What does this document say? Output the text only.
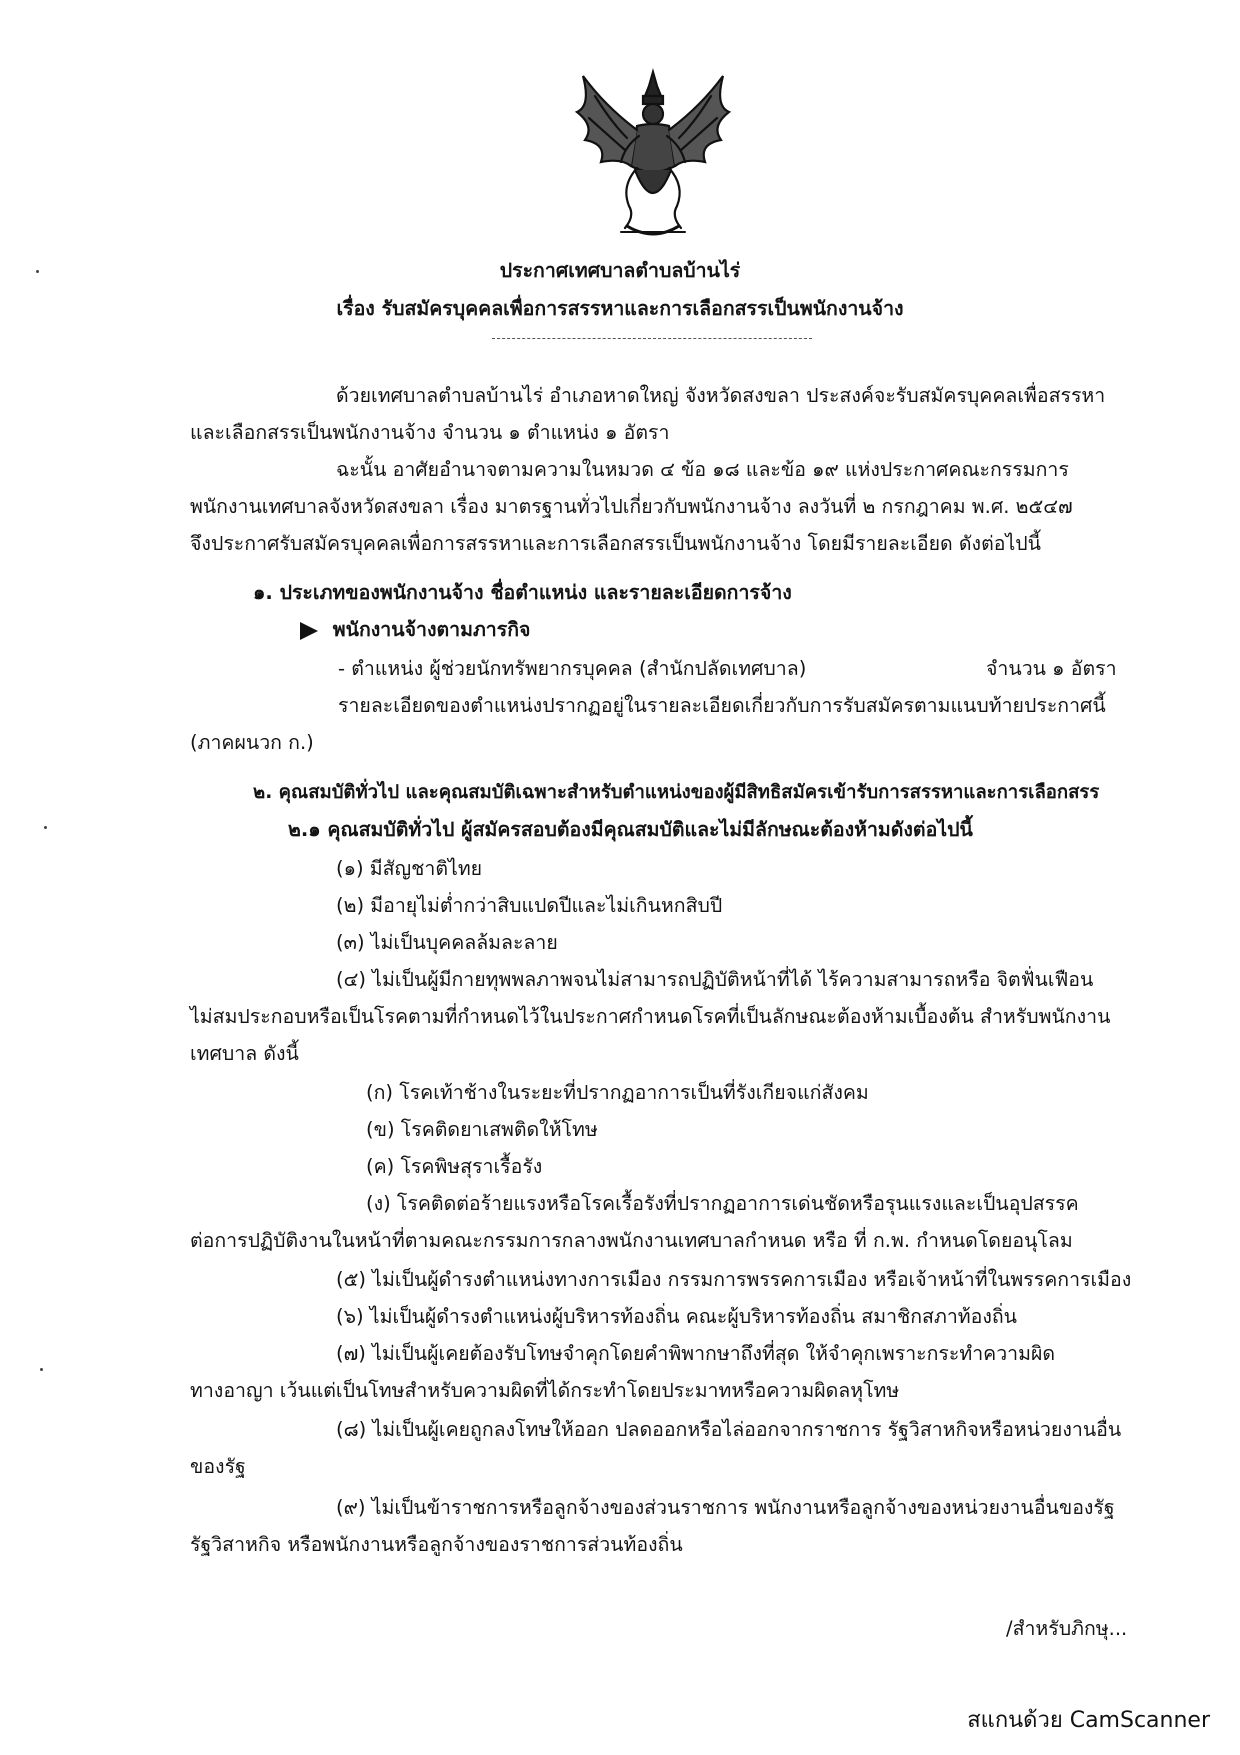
ประกาศเทศบาลตำบลบ้านไร่
เรื่อง รับสมัครบุคคลเพื่อการสรรหาและการเลือกสรรเป็นพนักงานจ้าง
ด้วยเทศบาลตำบลบ้านไร่ อำเภอหาดใหญ่ จังหวัดสงขลา ประสงค์จะรับสมัครบุคคลเพื่อสรรหา
และเลือกสรรเป็นพนักงานจ้าง จำนวน ๑ ตำแหน่ง ๑ อัตรา
ฉะนั้น อาศัยอำนาจตามความในหมวด ๔ ข้อ ๑๘ และข้อ ๑๙ แห่งประกาศคณะกรรมการ
พนักงานเทศบาลจังหวัดสงขลา เรื่อง มาตรฐานทั่วไปเกี่ยวกับพนักงานจ้าง ลงวันที่ ๒ กรกฎาคม พ.ศ. ๒๕๔๗
จึงประกาศรับสมัครบุคคลเพื่อการสรรหาและการเลือกสรรเป็นพนักงานจ้าง โดยมีรายละเอียด ดังต่อไปนี้
๑. ประเภทของพนักงานจ้าง ชื่อตำแหน่ง และรายละเอียดการจ้าง
พนักงานจ้างตามภารกิจ
- ตำแหน่ง ผู้ช่วยนักทรัพยากรบุคคล (สำนักปลัดเทศบาล)	จำนวน ๑ อัตรา
รายละเอียดของตำแหน่งปรากฏอยู่ในรายละเอียดเกี่ยวกับการรับสมัครตามแนบท้ายประกาศนี้
(ภาคผนวก ก.)
๒. คุณสมบัติทั่วไป และคุณสมบัติเฉพาะสำหรับตำแหน่งของผู้มีสิทธิสมัครเข้ารับการสรรหาและการเลือกสรร
๒.๑ คุณสมบัติทั่วไป ผู้สมัครสอบต้องมีคุณสมบัติและไม่มีลักษณะต้องห้ามดังต่อไปนี้
(๑) มีสัญชาติไทย
(๒) มีอายุไม่ต่ำกว่าสิบแปดปีและไม่เกินหกสิบปี
(๓) ไม่เป็นบุคคลล้มละลาย
(๔) ไม่เป็นผู้มีกายทุพพลภาพจนไม่สามารถปฏิบัติหน้าที่ได้ ไร้ความสามารถหรือ จิตฟั่นเฟือน
ไม่สมประกอบหรือเป็นโรคตามที่กำหนดไว้ในประกาศกำหนดโรคที่เป็นลักษณะต้องห้ามเบื้องต้น สำหรับพนักงาน
เทศบาล ดังนี้
(ก) โรคเท้าช้างในระยะที่ปรากฏอาการเป็นที่รังเกียจแก่สังคม
(ข) โรคติดยาเสพติดให้โทษ
(ค) โรคพิษสุราเรื้อรัง
(ง) โรคติดต่อร้ายแรงหรือโรคเรื้อรังที่ปรากฏอาการเด่นชัดหรือรุนแรงและเป็นอุปสรรค
ต่อการปฏิบัติงานในหน้าที่ตามคณะกรรมการกลางพนักงานเทศบาลกำหนด หรือ ที่ ก.พ. กำหนดโดยอนุโลม
(๕) ไม่เป็นผู้ดำรงตำแหน่งทางการเมือง กรรมการพรรคการเมือง หรือเจ้าหน้าที่ในพรรคการเมือง
(๖) ไม่เป็นผู้ดำรงตำแหน่งผู้บริหารท้องถิ่น คณะผู้บริหารท้องถิ่น สมาชิกสภาท้องถิ่น
(๗) ไม่เป็นผู้เคยต้องรับโทษจำคุกโดยคำพิพากษาถึงที่สุด ให้จำคุกเพราะกระทำความผิด
ทางอาญา เว้นแต่เป็นโทษสำหรับความผิดที่ได้กระทำโดยประมาทหรือความผิดลหุโทษ
(๘) ไม่เป็นผู้เคยถูกลงโทษให้ออก ปลดออกหรือไล่ออกจากราชการ รัฐวิสาหกิจหรือหน่วยงานอื่น
ของรัฐ
(๙) ไม่เป็นข้าราชการหรือลูกจ้างของส่วนราชการ พนักงานหรือลูกจ้างของหน่วยงานอื่นของรัฐ
รัฐวิสาหกิจ หรือพนักงานหรือลูกจ้างของราชการส่วนท้องถิ่น
/สำหรับภิกษุ...
สแกนด้วย CamScanner
